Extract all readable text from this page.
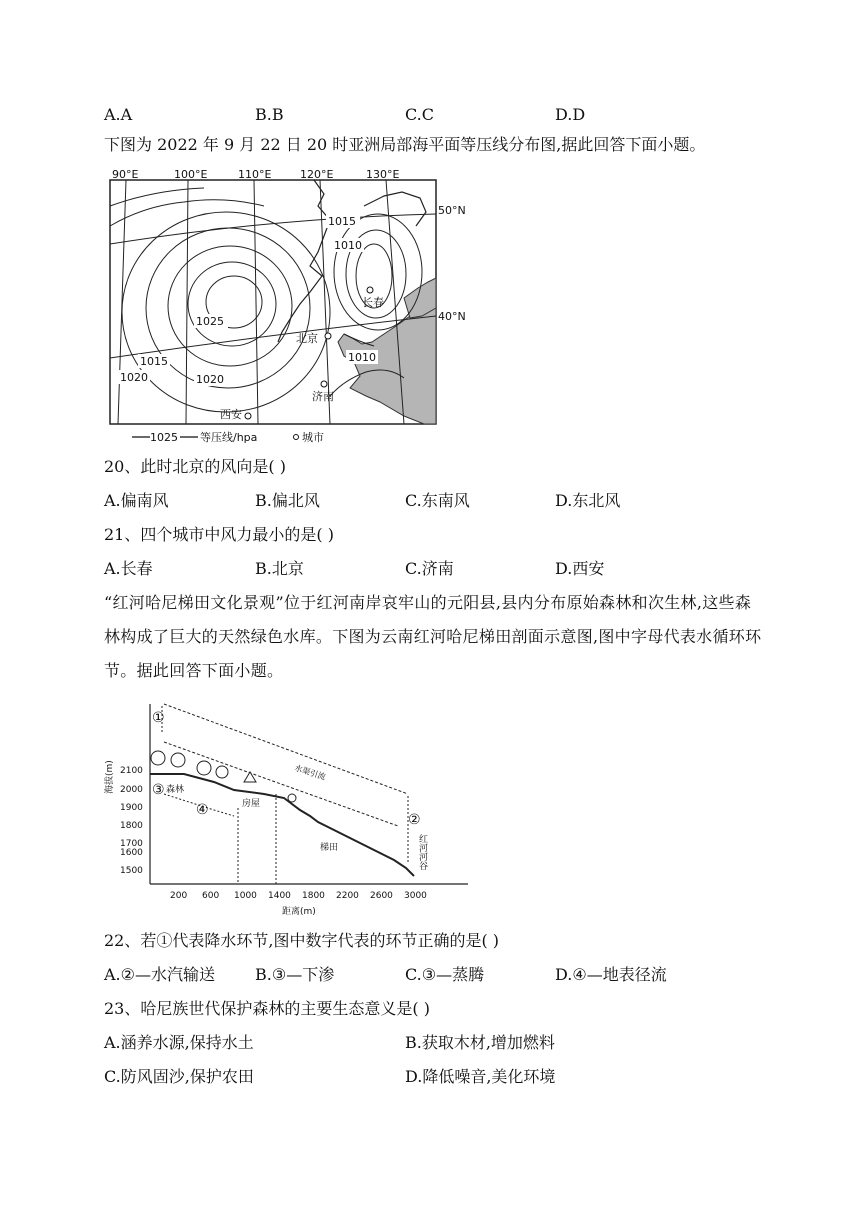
A.A	B.B	C.C	D.D
下图为 2022 年 9 月 22 日 20 时亚洲局部海平面等压线分布图,据此回答下面小题。
90°E	100°E	110°E	120°E	130°E
50°N
40°N
1015
1010
1025
1015
1020	1020
1010
长春
北京
济南
西安
1025 等压线/hpa	城市
20、此时北京的风向是( )
A.偏南风	B.偏北风	C.东南风	D.东北风
21、四个城市中风力最小的是( )
A.长春	B.北京	C.济南	D.西安
“红河哈尼梯田文化景观”位于红河南岸哀牢山的元阳县,县内分布原始森林和次生林,这些森林构成了巨大的天然绿色水库。下图为云南红河哈尼梯田剖面示意图,图中字母代表水循环环节。据此回答下面小题。
海拔(m) 2100
2000
1900
1800
1700
1600
1500
200 600 1000 1400 1800 2200 2600 3000
距离(m)
①
②
③
④
森林
房屋
梯田
水渠引流
红河河谷
22、若①代表降水环节,图中数字代表的环节正确的是( )
A.②—水汽输送	B.③—下渗	C.③—蒸腾	D.④—地表径流
23、哈尼族世代保护森林的主要生态意义是( )
A.涵养水源,保持水土	B.获取木材,增加燃料
C.防风固沙,保护农田	D.降低噪音,美化环境
